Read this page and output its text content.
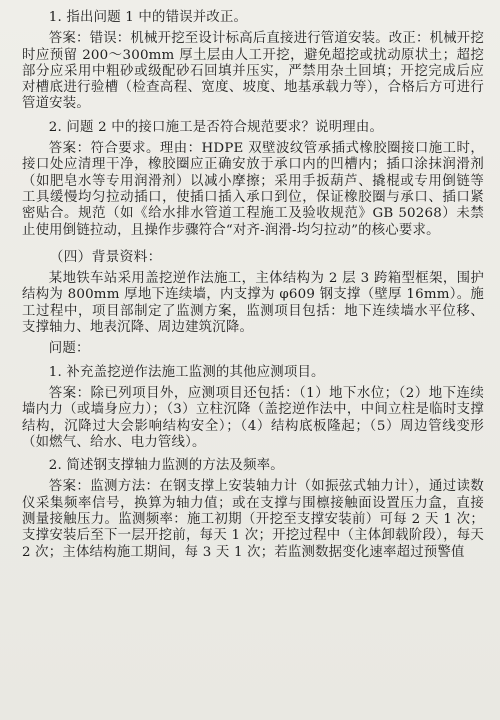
1. 指出问题 1 中的错误并改正。

答案：错误：机械开挖至设计标高后直接进行管道安装。改正：机械开挖时应预留 200～300mm 厚土层由人工开挖，避免超挖或扰动原状土；超挖部分应采用中粗砂或级配砂石回填并压实，严禁用杂土回填；开挖完成后应对槽底进行验槽（检查高程、宽度、坡度、地基承载力等），合格后方可进行管道安装。

2. 问题 2 中的接口施工是否符合规范要求？说明理由。

答案：符合要求。理由：HDPE 双壁波纹管承插式橡胶圈接口施工时，接口处应清理干净，橡胶圈应正确安放于承口内的凹槽内；插口涂抹润滑剂（如肥皂水等专用润滑剂）以减小摩擦；采用手扳葫芦、撬棍或专用倒链等工具缓慢均匀拉动插口，使插口插入承口到位，保证橡胶圈与承口、插口紧密贴合。规范（如《给水排水管道工程施工及验收规范》GB 50268）未禁止使用倒链拉动，且操作步骤符合“对齐-润滑-均匀拉动”的核心要求。

（四）背景资料：

某地铁车站采用盖挖逆作法施工，主体结构为 2 层 3 跨箱型框架，围护结构为 800mm 厚地下连续墙，内支撑为 φ609 钢支撑（壁厚 16mm）。施工过程中，项目部制定了监测方案，监测项目包括：地下连续墙水平位移、支撑轴力、地表沉降、周边建筑沉降。

问题：

1. 补充盖挖逆作法施工监测的其他应测项目。

答案：除已列项目外，应测项目还包括：（1）地下水位；（2）地下连续墙内力（或墙身应力）；（3）立柱沉降（盖挖逆作法中，中间立柱是临时支撑结构，沉降过大会影响结构安全）；（4）结构底板隆起；（5）周边管线变形（如燃气、给水、电力管线）。

2. 简述钢支撑轴力监测的方法及频率。

答案：监测方法：在钢支撑上安装轴力计（如振弦式轴力计），通过读数仪采集频率信号，换算为轴力值；或在支撑与围檩接触面设置压力盒，直接测量接触压力。监测频率：施工初期（开挖至支撑安装前）可每 2 天 1 次；支撑安装后至下一层开挖前，每天 1 次；开挖过程中（主体卸载阶段），每天 2 次；主体结构施工期间，每 3 天 1 次；若监测数据变化速率超过预警值
